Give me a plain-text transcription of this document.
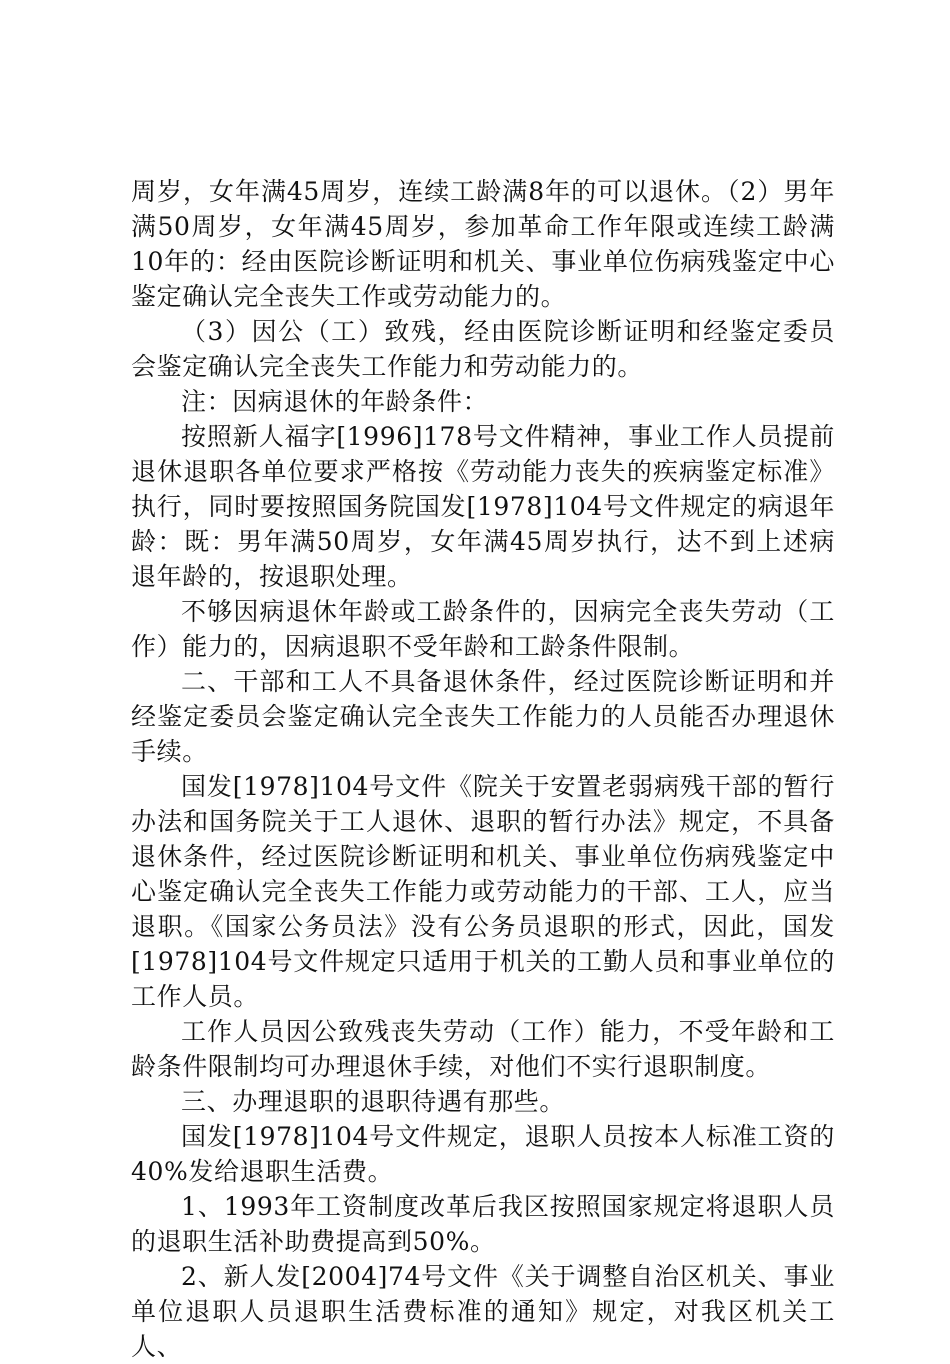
周岁，女年满45周岁，连续工龄满8年的可以退休。（2）男年满50周岁，女年满45周岁，参加革命工作年限或连续工龄满10年的：经由医院诊断证明和机关、事业单位伤病残鉴定中心鉴定确认完全丧失工作或劳动能力的。

（3）因公（工）致残，经由医院诊断证明和经鉴定委员会鉴定确认完全丧失工作能力和劳动能力的。

注：因病退休的年龄条件：

按照新人福字[1996]178号文件精神，事业工作人员提前退休退职各单位要求严格按《劳动能力丧失的疾病鉴定标准》执行，同时要按照国务院国发[1978]104号文件规定的病退年龄：既：男年满50周岁，女年满45周岁执行，达不到上述病退年龄的，按退职处理。

不够因病退休年龄或工龄条件的，因病完全丧失劳动（工作）能力的，因病退职不受年龄和工龄条件限制。

二、干部和工人不具备退休条件，经过医院诊断证明和并经鉴定委员会鉴定确认完全丧失工作能力的人员能否办理退休手续。

国发[1978]104号文件《院关于安置老弱病残干部的暂行办法和国务院关于工人退休、退职的暂行办法》规定，不具备退休条件，经过医院诊断证明和机关、事业单位伤病残鉴定中心鉴定确认完全丧失工作能力或劳动能力的干部、工人，应当退职。《国家公务员法》没有公务员退职的形式，因此，国发[1978]104号文件规定只适用于机关的工勤人员和事业单位的工作人员。

工作人员因公致残丧失劳动（工作）能力，不受年龄和工龄条件限制均可办理退休手续，对他们不实行退职制度。

三、办理退职的退职待遇有那些。

国发[1978]104号文件规定，退职人员按本人标准工资的40%发给退职生活费。

1、1993年工资制度改革后我区按照国家规定将退职人员的退职生活补助费提高到50%。

2、新人发[2004]74号文件《关于调整自治区机关、事业单位退职人员退职生活费标准的通知》规定，对我区机关工人、
